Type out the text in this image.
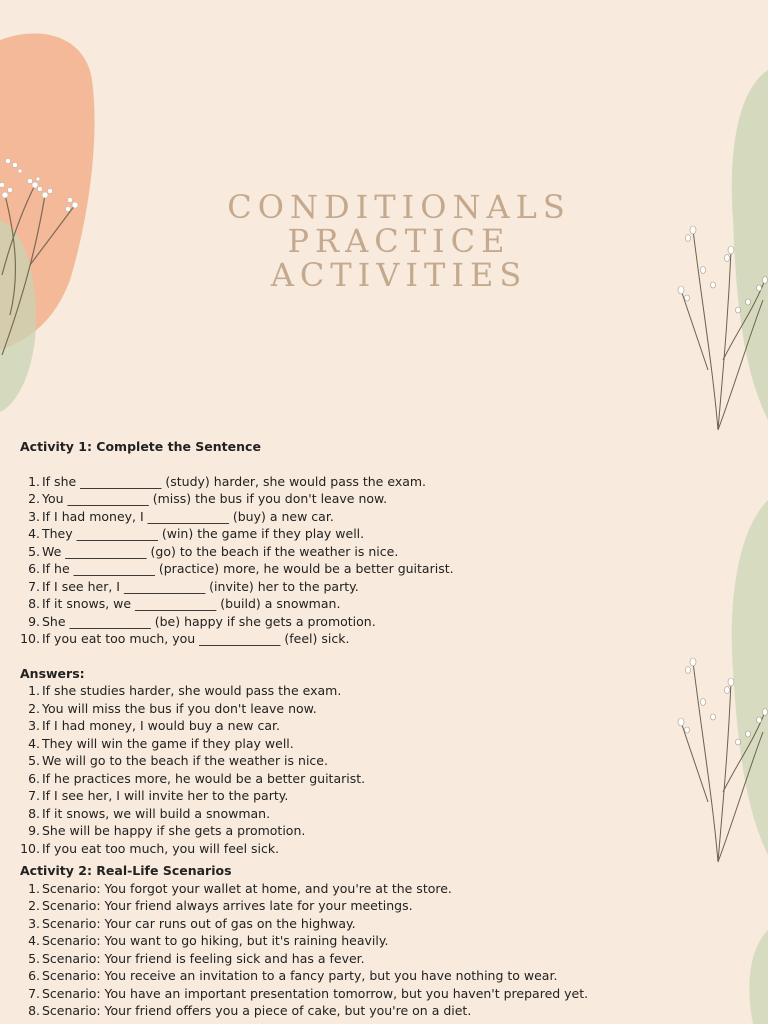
CONDITIONALS
PRACTICE
ACTIVITIES

Activity 1: Complete the Sentence

1. If she _____________ (study) harder, she would pass the exam.
2. You _____________ (miss) the bus if you don't leave now.
3. If I had money, I _____________ (buy) a new car.
4. They _____________ (win) the game if they play well.
5. We _____________ (go) to the beach if the weather is nice.
6. If he _____________ (practice) more, he would be a better guitarist.
7. If I see her, I _____________ (invite) her to the party.
8. If it snows, we _____________ (build) a snowman.
9. She _____________ (be) happy if she gets a promotion.
10. If you eat too much, you _____________ (feel) sick.

Answers:

1. If she studies harder, she would pass the exam.
2. You will miss the bus if you don't leave now.
3. If I had money, I would buy a new car.
4. They will win the game if they play well.
5. We will go to the beach if the weather is nice.
6. If he practices more, he would be a better guitarist.
7. If I see her, I will invite her to the party.
8. If it snows, we will build a snowman.
9. She will be happy if she gets a promotion.
10. If you eat too much, you will feel sick.

Activity 2: Real-Life Scenarios

1. Scenario: You forgot your wallet at home, and you're at the store.
2. Scenario: Your friend always arrives late for your meetings.
3. Scenario: Your car runs out of gas on the highway.
4. Scenario: You want to go hiking, but it's raining heavily.
5. Scenario: Your friend is feeling sick and has a fever.
6. Scenario: You receive an invitation to a fancy party, but you have nothing to wear.
7. Scenario: You have an important presentation tomorrow, but you haven't prepared yet.
8. Scenario: Your friend offers you a piece of cake, but you're on a diet.
